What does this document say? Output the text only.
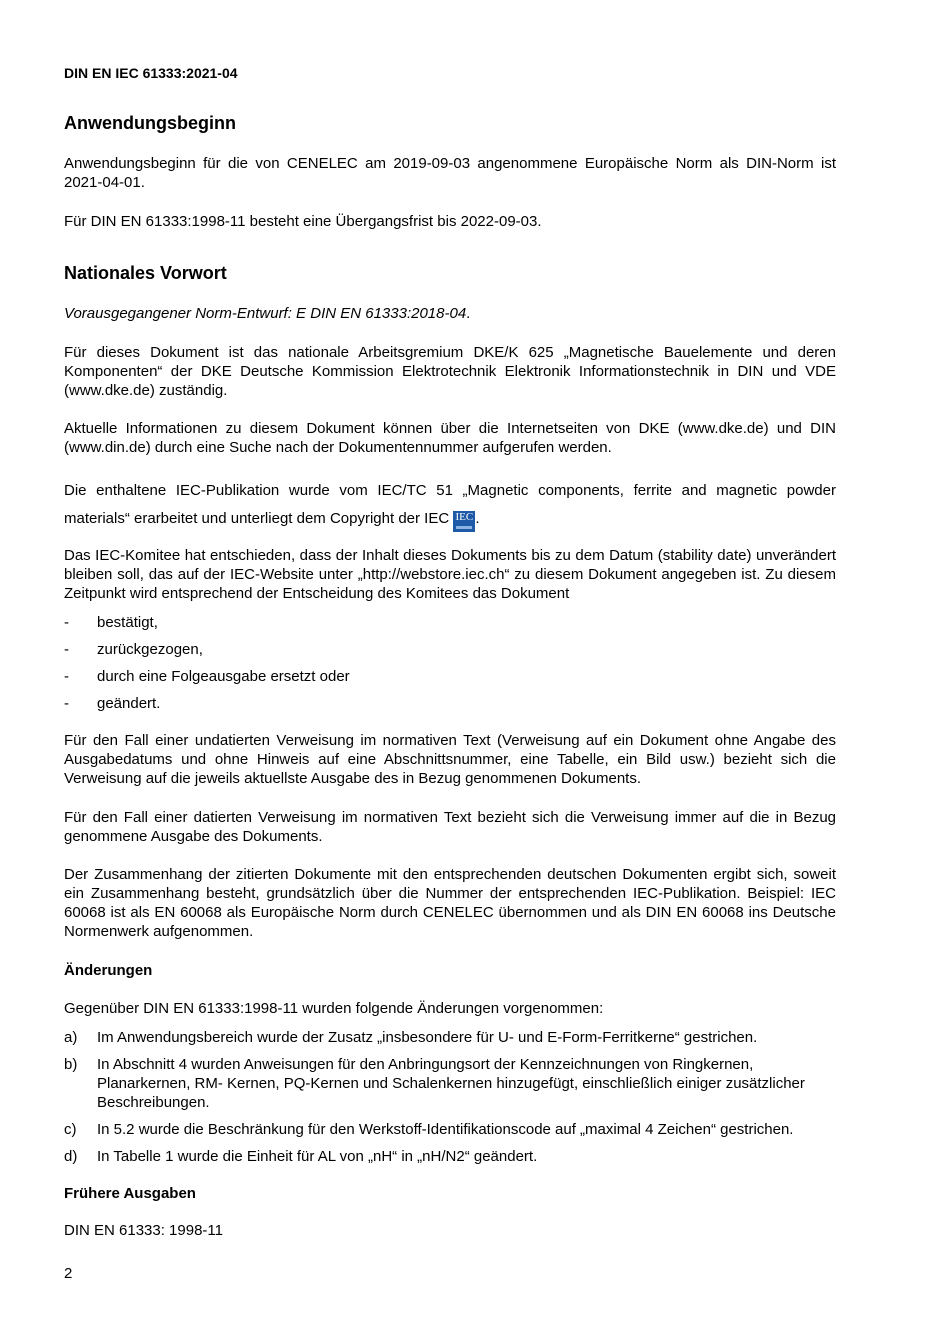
DIN EN IEC 61333:2021-04
Anwendungsbeginn

Anwendungsbeginn für die von CENELEC am 2019-09-03 angenommene Europäische Norm als DIN-Norm ist 2021-04-01.

Für DIN EN 61333:1998-11 besteht eine Übergangsfrist bis 2022-09-03.

Nationales Vorwort

Vorausgegangener Norm-Entwurf: E DIN EN 61333:2018-04.

Für dieses Dokument ist das nationale Arbeitsgremium DKE/K 625 „Magnetische Bauelemente und deren Komponenten“ der DKE Deutsche Kommission Elektrotechnik Elektronik Informationstechnik in DIN und VDE (www.dke.de) zuständig.

Aktuelle Informationen zu diesem Dokument können über die Internetseiten von DKE (www.dke.de) und DIN (www.din.de) durch eine Suche nach der Dokumentennummer aufgerufen werden.

Die enthaltene IEC-Publikation wurde vom IEC/TC 51 „Magnetic components, ferrite and magnetic powder materials“ erarbeitet und unterliegt dem Copyright der IEC IEC .

Das IEC-Komitee hat entschieden, dass der Inhalt dieses Dokuments bis zu dem Datum (stability date) unverändert bleiben soll, das auf der IEC-Website unter „http://webstore.iec.ch“ zu diesem Dokument angegeben ist. Zu diesem Zeitpunkt wird entsprechend der Entscheidung des Komitees das Dokument

- bestätigt,
- zurückgezogen,
- durch eine Folgeausgabe ersetzt oder
- geändert.

Für den Fall einer undatierten Verweisung im normativen Text (Verweisung auf ein Dokument ohne Angabe des Ausgabedatums und ohne Hinweis auf eine Abschnittsnummer, eine Tabelle, ein Bild usw.) bezieht sich die Verweisung auf die jeweils aktuellste Ausgabe des in Bezug genommenen Dokuments.

Für den Fall einer datierten Verweisung im normativen Text bezieht sich die Verweisung immer auf die in Bezug genommene Ausgabe des Dokuments.

Der Zusammenhang der zitierten Dokumente mit den entsprechenden deutschen Dokumenten ergibt sich, soweit ein Zusammenhang besteht, grundsätzlich über die Nummer der entsprechenden IEC-Publikation. Beispiel: IEC 60068 ist als EN 60068 als Europäische Norm durch CENELEC übernommen und als DIN EN 60068 ins Deutsche Normenwerk aufgenommen.

Änderungen

Gegenüber DIN EN 61333:1998-11 wurden folgende Änderungen vorgenommen:

a) Im Anwendungsbereich wurde der Zusatz „insbesondere für U- und E-Form-Ferritkerne“ gestrichen.
b) In Abschnitt 4 wurden Anweisungen für den Anbringungsort der Kennzeichnungen von Ringkernen, Planarkernen, RM- Kernen, PQ-Kernen und Schalenkernen hinzugefügt, einschließlich einiger zusätzlicher Beschreibungen.
c) In 5.2 wurde die Beschränkung für den Werkstoff-Identifikationscode auf „maximal 4 Zeichen“ gestrichen.
d) In Tabelle 1 wurde die Einheit für AL von „nH“ in „nH/N2“ geändert.
Frühere Ausgaben

DIN EN 61333: 1998-11

2
